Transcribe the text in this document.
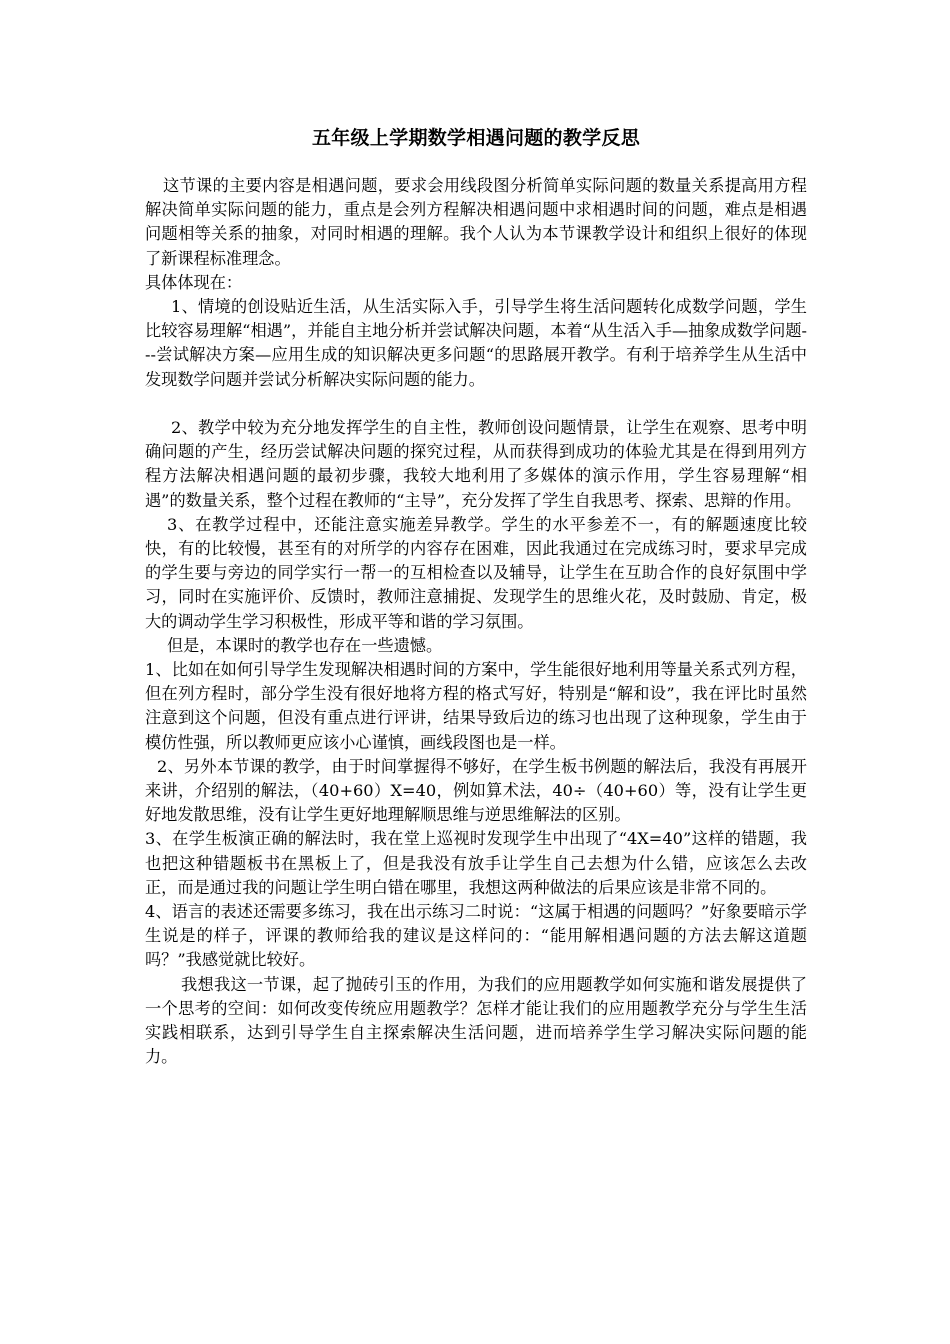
五年级上学期数学相遇问题的教学反思

这节课的主要内容是相遇问题，要求会用线段图分析简单实际问题的数量关系提高用方程解决简单实际问题的能力，重点是会列方程解决相遇问题中求相遇时间的问题，难点是相遇问题相等关系的抽象，对同时相遇的理解。我个人认为本节课教学设计和组织上很好的体现了新课程标准理念。

具体体现在：

1、情境的创设贴近生活，从生活实际入手，引导学生将生活问题转化成数学问题，学生比较容易理解“相遇”，并能自主地分析并尝试解决问题，本着“从生活入手—抽象成数学问题---尝试解决方案—应用生成的知识解决更多问题“的思路展开教学。有利于培养学生从生活中发现数学问题并尝试分析解决实际问题的能力。

2、教学中较为充分地发挥学生的自主性，教师创设问题情景，让学生在观察、思考中明确问题的产生，经历尝试解决问题的探究过程，从而获得到成功的体验尤其是在得到用列方程方法解决相遇问题的最初步骤，我较大地利用了多媒体的演示作用，学生容易理解“相遇”的数量关系，整个过程在教师的“主导”，充分发挥了学生自我思考、探索、思辩的作用。

3、在教学过程中，还能注意实施差异教学。学生的水平参差不一，有的解题速度比较快，有的比较慢，甚至有的对所学的内容存在困难，因此我通过在完成练习时，要求早完成的学生要与旁边的同学实行一帮一的互相检查以及辅导，让学生在互助合作的良好氛围中学习，同时在实施评价、反馈时，教师注意捕捉、发现学生的思维火花，及时鼓励、肯定，极大的调动学生学习积极性，形成平等和谐的学习氛围。

但是，本课时的教学也存在一些遗憾。

1、比如在如何引导学生发现解决相遇时间的方案中，学生能很好地利用等量关系式列方程，但在列方程时，部分学生没有很好地将方程的格式写好，特别是“解和设”，我在评比时虽然注意到这个问题，但没有重点进行评讲，结果导致后边的练习也出现了这种现象，学生由于模仿性强，所以教师更应该小心谨慎，画线段图也是一样。

2、另外本节课的教学，由于时间掌握得不够好，在学生板书例题的解法后，我没有再展开来讲，介绍别的解法，（40+60）X=40，例如算术法，40÷（40+60）等，没有让学生更好地发散思维，没有让学生更好地理解顺思维与逆思维解法的区别。

3、在学生板演正确的解法时，我在堂上巡视时发现学生中出现了“4X=40”这样的错题，我也把这种错题板书在黑板上了，但是我没有放手让学生自己去想为什么错，应该怎么去改正，而是通过我的问题让学生明白错在哪里，我想这两种做法的后果应该是非常不同的。

4、语言的表述还需要多练习，我在出示练习二时说：“这属于相遇的问题吗？”好象要暗示学生说是的样子，评课的教师给我的建议是这样问的：“能用解相遇问题的方法去解这道题吗？”我感觉就比较好。

我想我这一节课，起了抛砖引玉的作用，为我们的应用题教学如何实施和谐发展提供了一个思考的空间：如何改变传统应用题教学？怎样才能让我们的应用题教学充分与学生生活实践相联系，达到引导学生自主探索解决生活问题，进而培养学生学习解决实际问题的能力。
